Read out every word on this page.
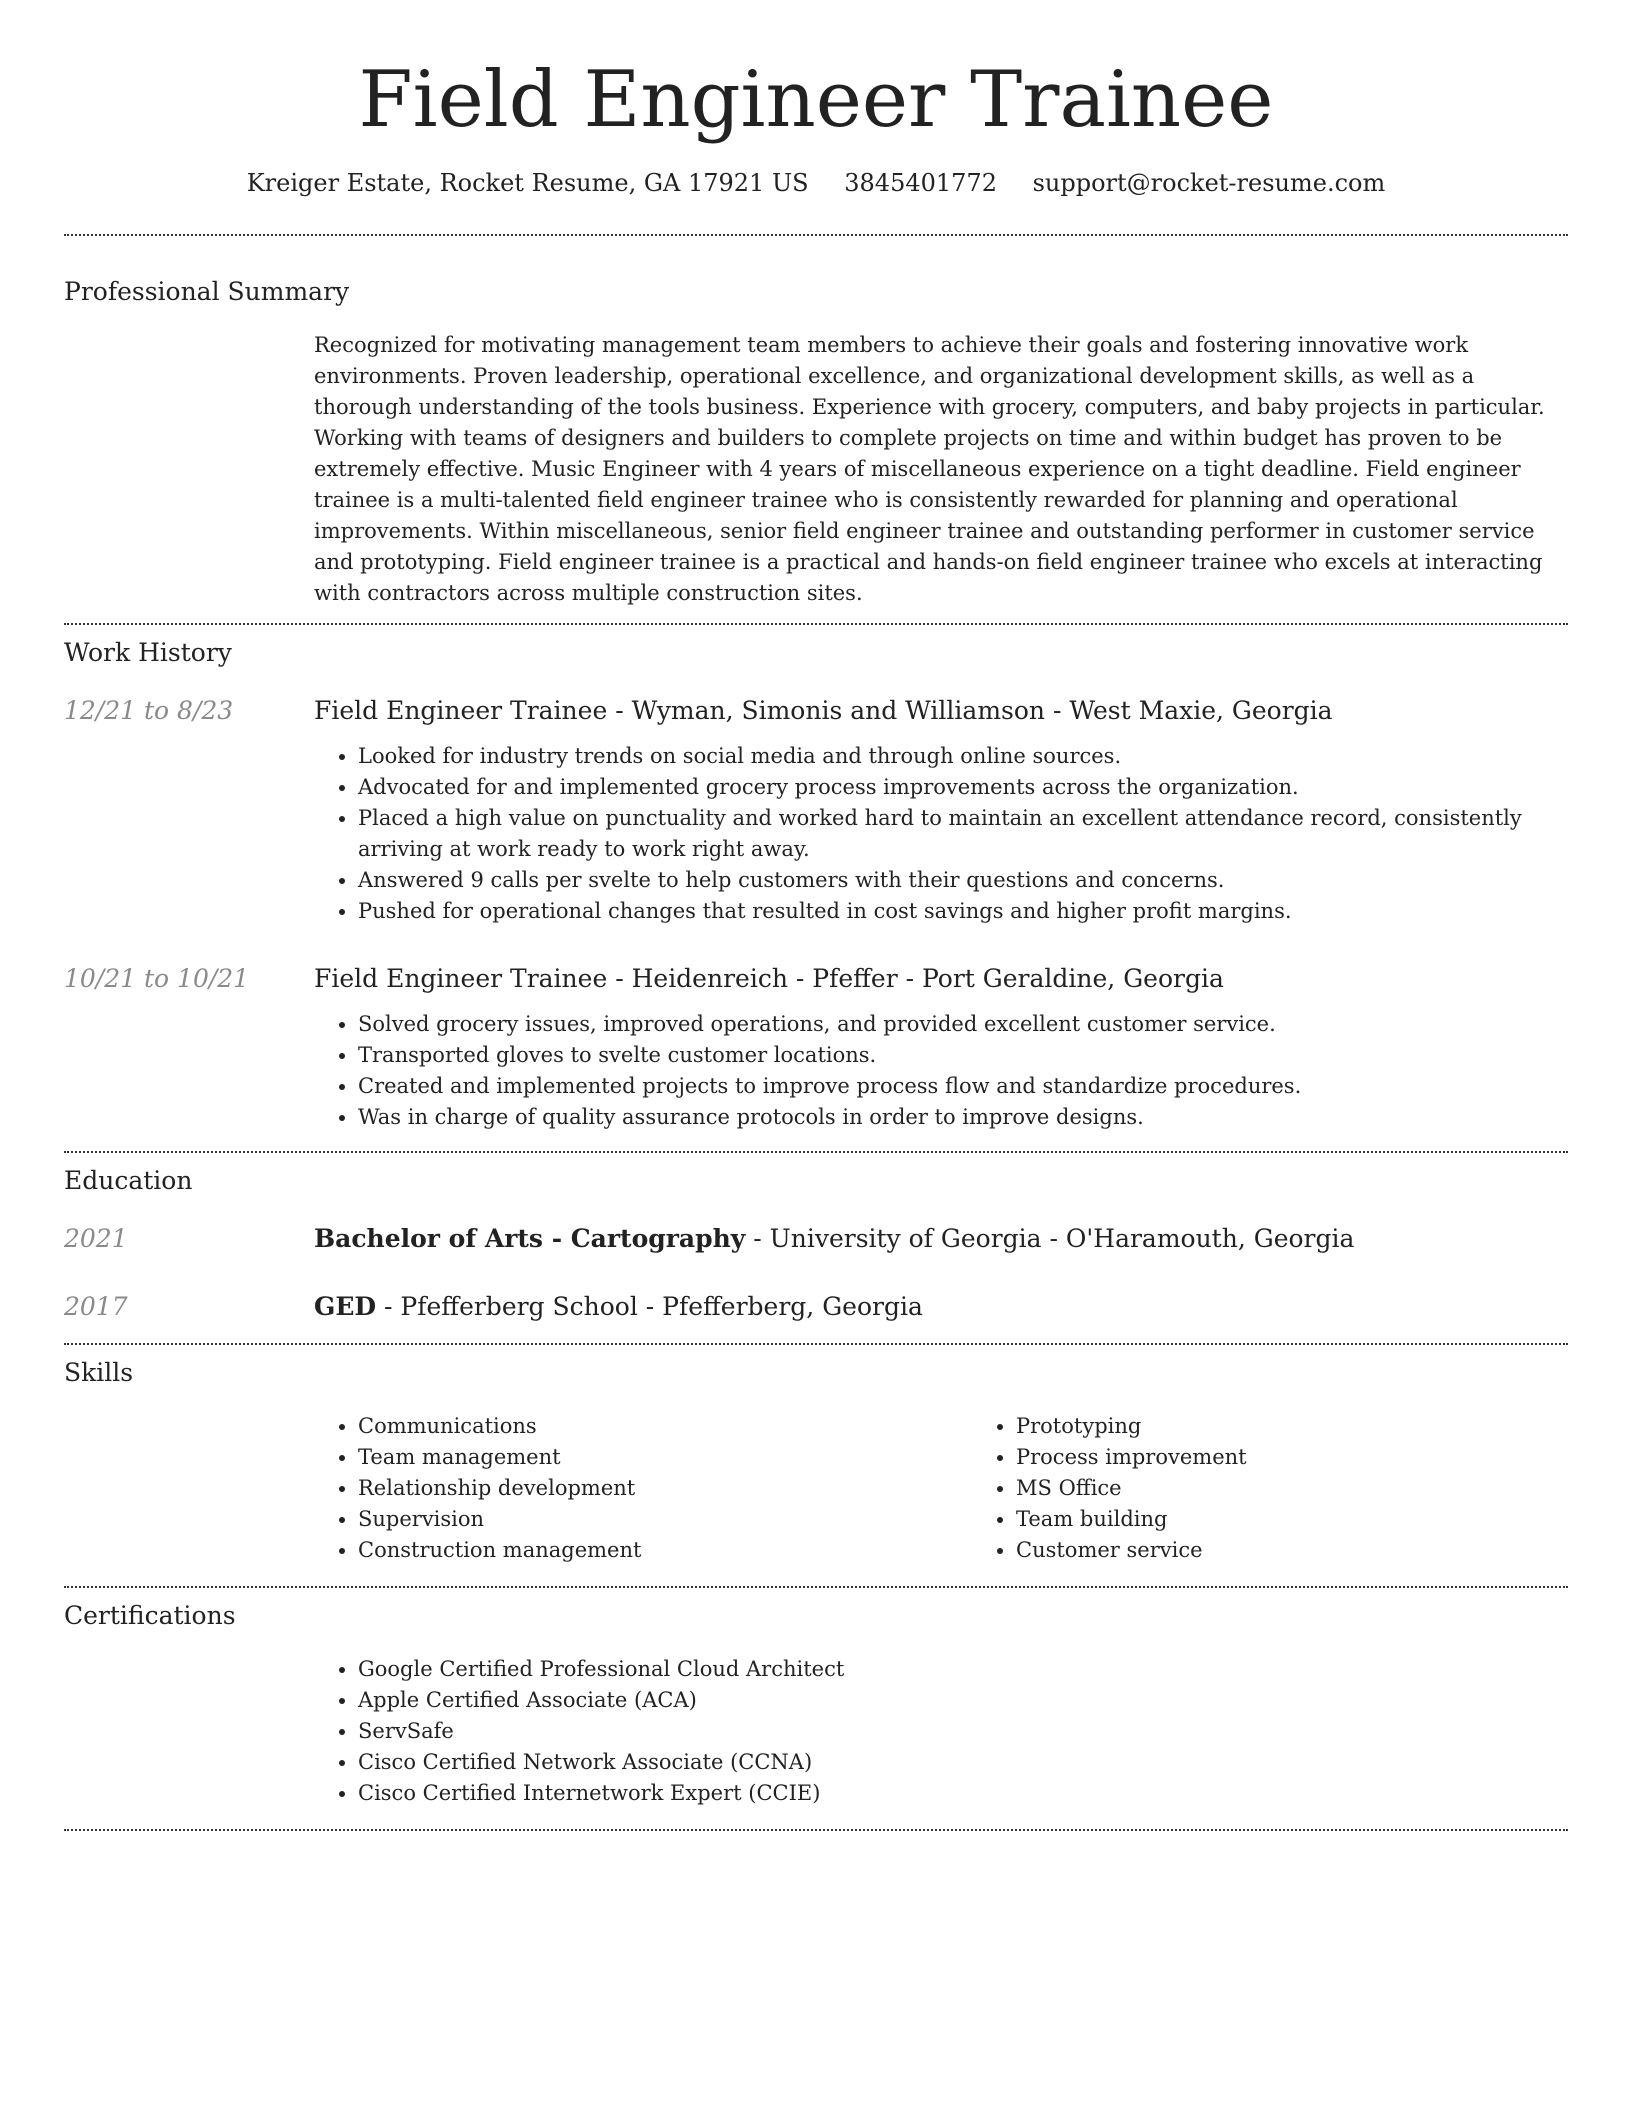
Field Engineer Trainee
Kreiger Estate, Rocket Resume, GA 17921 US 3845401772 support@rocket-resume.com
Professional Summary

Recognized for motivating management team members to achieve their goals and fostering innovative work environments. Proven leadership, operational excellence, and organizational development skills, as well as a thorough understanding of the tools business. Experience with grocery, computers, and baby projects in particular. Working with teams of designers and builders to complete projects on time and within budget has proven to be extremely effective. Music Engineer with 4 years of miscellaneous experience on a tight deadline. Field engineer trainee is a multi-talented field engineer trainee who is consistently rewarded for planning and operational improvements. Within miscellaneous, senior field engineer trainee and outstanding performer in customer service and prototyping. Field engineer trainee is a practical and hands-on field engineer trainee who excels at interacting with contractors across multiple construction sites.

Work History
12/21 to 8/23	Field Engineer Trainee - Wyman, Simonis and Williamson - West Maxie, Georgia
• Looked for industry trends on social media and through online sources.
• Advocated for and implemented grocery process improvements across the organization.
• Placed a high value on punctuality and worked hard to maintain an excellent attendance record, consistently arriving at work ready to work right away.
• Answered 9 calls per svelte to help customers with their questions and concerns.
• Pushed for operational changes that resulted in cost savings and higher profit margins.
10/21 to 10/21	Field Engineer Trainee - Heidenreich - Pfeffer - Port Geraldine, Georgia
• Solved grocery issues, improved operations, and provided excellent customer service.
• Transported gloves to svelte customer locations.
• Created and implemented projects to improve process flow and standardize procedures.
• Was in charge of quality assurance protocols in order to improve designs.
Education
2021	Bachelor of Arts - Cartography - University of Georgia - O'Haramouth, Georgia
2017	GED - Pfefferberg School - Pfefferberg, Georgia
Skills
• Communications
• Team management
• Relationship development
• Supervision
• Construction management
• Prototyping
• Process improvement
• MS Office
• Team building
• Customer service
Certifications
• Google Certified Professional Cloud Architect
• Apple Certified Associate (ACA)
• ServSafe
• Cisco Certified Network Associate (CCNA)
• Cisco Certified Internetwork Expert (CCIE)
